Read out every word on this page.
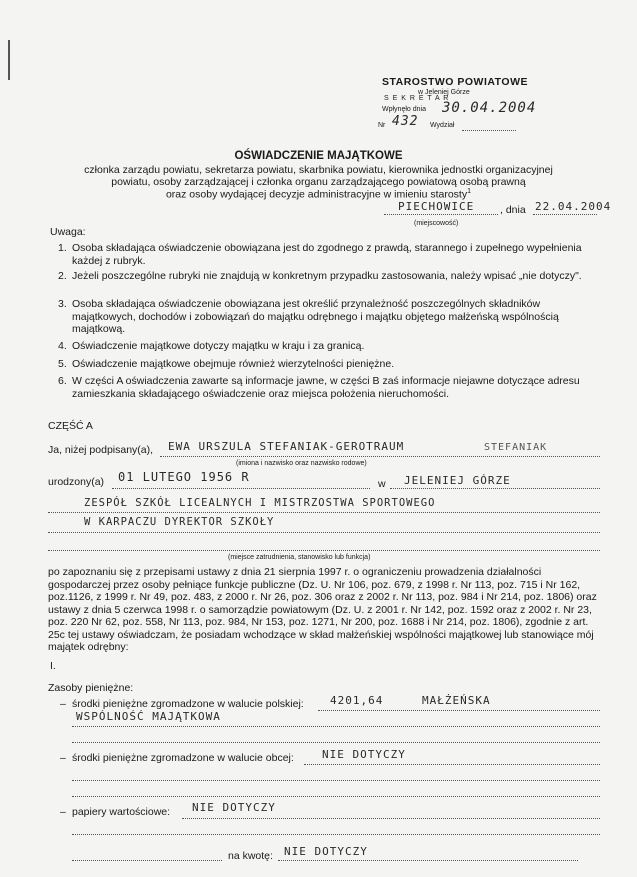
STAROSTWO POWIATOWE
w Jeleniej Górze
S E K R E T A R
Wpłynęło dnia 30.04.2004
Nr 432 Wydział
OŚWIADCZENIE MAJĄTKOWE
członka zarządu powiatu, sekretarza powiatu, skarbnika powiatu, kierownika jednostki organizacyjnej
powiatu, osoby zarządzającej i członka organu zarządzającego powiatową osobą prawną
oraz osoby wydającej decyzje administracyjne w imieniu starosty$^1$
PIECHOWICE , dnia 22.04.2004
(miejscowość)
Uwaga:
1. Osoba składająca oświadczenie obowiązana jest do zgodnego z prawdą, starannego i zupełnego wypełnienia każdej z rubryk.
2. Jeżeli poszczególne rubryki nie znajdują w konkretnym przypadku zastosowania, należy wpisać „nie dotyczy".
3. Osoba składająca oświadczenie obowiązana jest określić przynależność poszczególnych składników majątkowych, dochodów i zobowiązań do majątku odrębnego i majątku objętego małżeńską wspólnością majątkową.
4. Oświadczenie majątkowe dotyczy majątku w kraju i za granicą.
5. Oświadczenie majątkowe obejmuje również wierzytelności pieniężne.
6. W części A oświadczenia zawarte są informacje jawne, w części B zaś informacje niejawne dotyczące adresu zamieszkania składającego oświadczenie oraz miejsca położenia nieruchomości.
CZĘŚĆ A
Ja, niżej podpisany(a), EWA URSZULA STEFANIAK-GEROTRAUM	STEFANIAK
(imiona i nazwisko oraz nazwisko rodowe)
urodzony(a) 01 LUTEGO 1956 R	w JELENIEJ GÓRZE
ZESPÓŁ SZKÓŁ LICEALNYCH I MISTRZOSTWA SPORTOWEGO
W KARPACZU DYREKTOR SZKOŁY
(miejsce zatrudnienia, stanowisko lub funkcja)
po zapoznaniu się z przepisami ustawy z dnia 21 sierpnia 1997 r. o ograniczeniu prowadzenia działalności gospodarczej przez osoby pełniące funkcje publiczne (Dz. U. Nr 106, poz. 679, z 1998 r. Nr 113, poz. 715 i Nr 162, poz.1126, z 1999 r. Nr 49, poz. 483, z 2000 r. Nr 26, poz. 306 oraz z 2002 r. Nr 113, poz. 984 i Nr 214, poz. 1806) oraz ustawy z dnia 5 czerwca 1998 r. o samorządzie powiatowym (Dz. U. z 2001 r. Nr 142, poz. 1592 oraz z 2002 r. Nr 23, poz. 220 Nr 62, poz. 558, Nr 113, poz. 984, Nr 153, poz. 1271, Nr 200, poz. 1688 i Nr 214, poz. 1806), zgodnie z art. 25c tej ustawy oświadczam, że posiadam wchodzące w skład małżeńskiej wspólności majątkowej lub stanowiące mój majątek odrębny:
I.
Zasoby pieniężne:
– środki pieniężne zgromadzone w walucie polskiej: 4201,64	MAŁŻEŃSKA
WSPÓLNOŚĆ MAJĄTKOWA
– środki pieniężne zgromadzone w walucie obcej:	NIE DOTYCZY
– papiery wartościowe: NIE DOTYCZY
na kwotę: NIE DOTYCZY
